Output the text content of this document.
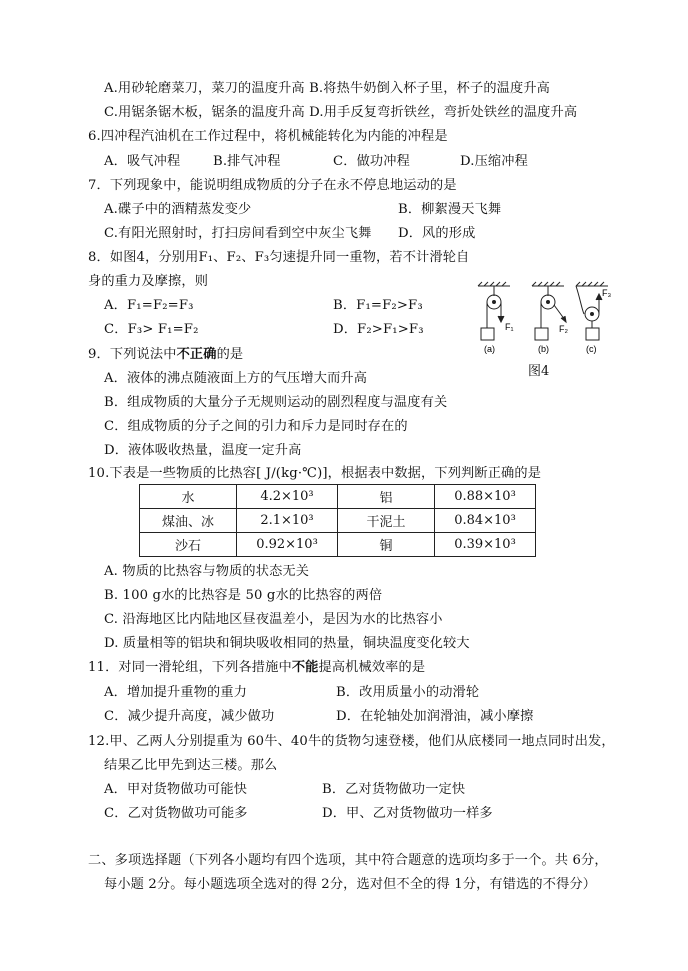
A.用砂轮磨菜刀，菜刀的温度升高 B.将热牛奶倒入杯子里，杯子的温度升高
C.用锯条锯木板，锯条的温度升高 D.用手反复弯折铁丝，弯折处铁丝的温度升高
6.四冲程汽油机在工作过程中，将机械能转化为内能的冲程是
A．吸气冲程 B.排气冲程	C．做功冲程	D.压缩冲程
7．下列现象中，能说明组成物质的分子在永不停息地运动的是
A.碟子中的酒精蒸发变少	B．柳絮漫天飞舞
C.有阳光照射时，打扫房间看到空中灰尘飞舞 D．风的形成
8．如图4，分别用F₁、F₂、F₃匀速提升同一重物，若不计滑轮自
身的重力及摩擦，则
A．F₁=F₂=F₃	B．F₁=F₂>F₃
C．F₃> F₁=F₂	D．F₂>F₁>F₃	F₁	F₂
F₃
(a)	(b)	(c)
图4
9．下列说法中不正确的是
A．液体的沸点随液面上方的气压增大而升高
B．组成物质的大量分子无规则运动的剧烈程度与温度有关
C．组成物质的分子之间的引力和斥力是同时存在的
D．液体吸收热量，温度一定升高
10.下表是一些物质的比热容[ J/(kg·℃)]，根据表中数据，下列判断正确的是
水	4.2×10³	铝	0.88×10³
煤油、冰	2.1×10³	干泥土	0.84×10³
沙石	0.92×10³	铜	0.39×10³
A. 物质的比热容与物质的状态无关
B. 100 g水的比热容是 50 g水的比热容的两倍
C. 沿海地区比内陆地区昼夜温差小，是因为水的比热容小
D. 质量相等的铝块和铜块吸收相同的热量，铜块温度变化较大
11．对同一滑轮组，下列各措施中不能提高机械效率的是
A．增加提升重物的重力	B．改用质量小的动滑轮
C．减少提升高度，减少做功	D．在轮轴处加润滑油，减小摩擦
12.甲、乙两人分别提重为 60牛、40牛的货物匀速登楼，他们从底楼同一地点同时出发，
结果乙比甲先到达三楼。那么
A．甲对货物做功可能快	B．乙对货物做功一定快
C．乙对货物做功可能多	D．甲、乙对货物做功一样多
二、多项选择题（下列各小题均有四个选项，其中符合题意的选项均多于一个。共 6分，
每小题 2分。每小题选项全选对的得 2分，选对但不全的得 1分，有错选的不得分）
